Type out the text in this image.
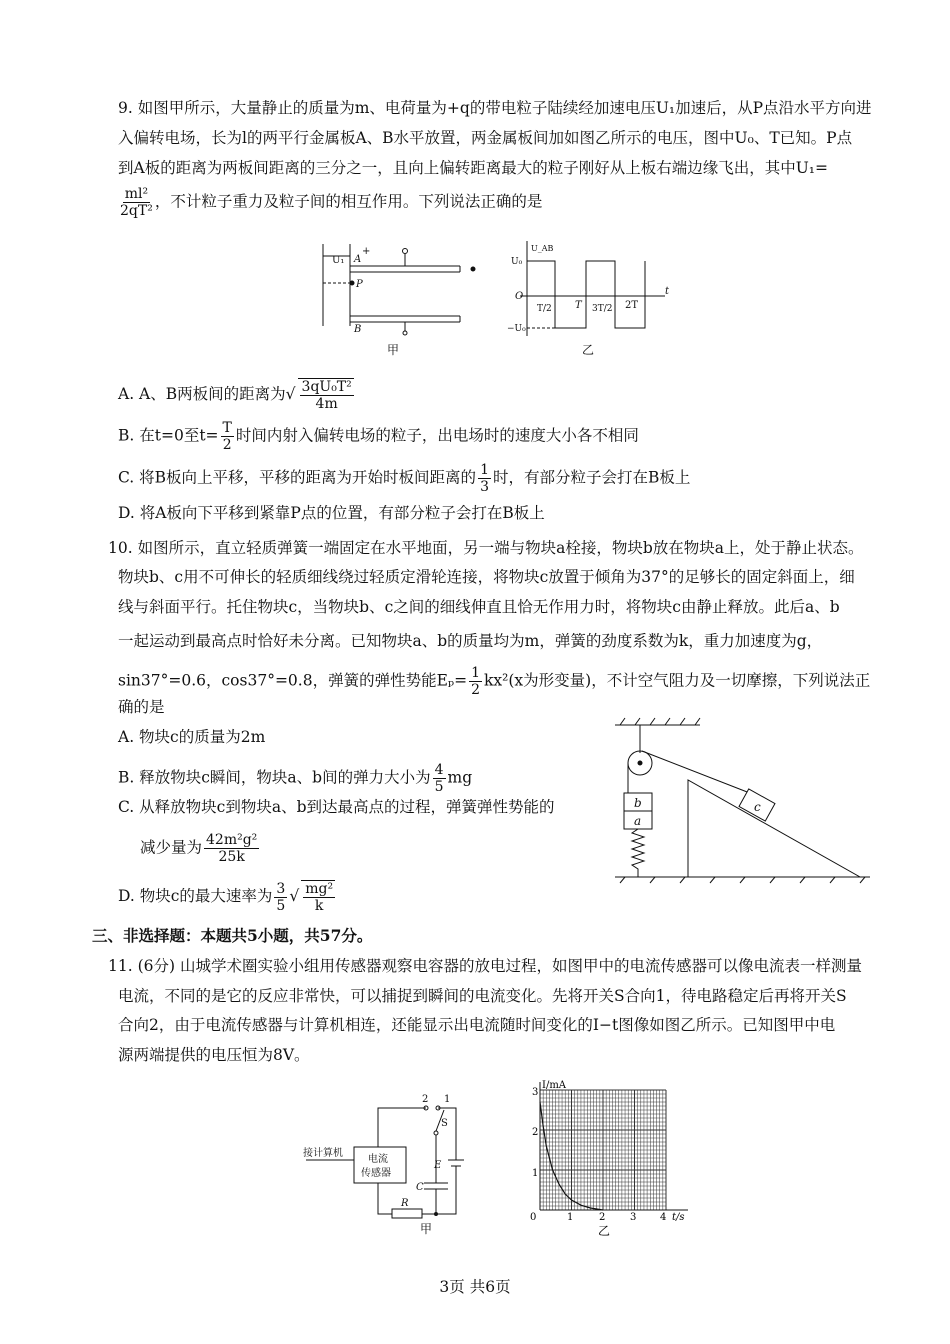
9. 如图甲所示，大量静止的质量为m、电荷量为+q的带电粒子陆续经加速电压U₁加速后，从P点沿水平方向进
入偏转电场，长为l的两平行金属板A、B水平放置，两金属板间加如图乙所示的电压，图中U₀、T已知。P点
到A板的距离为两板间距离的三分之一，且向上偏转距离最大的粒子刚好从上板右端边缘飞出，其中U₁=
$\frac{\text{ml²}}{\text{2qT²}}$ ，不计粒子重力及粒子间的相互作用。下列说法正确的是
U₁ A
+
P
B
甲
U_AB
U₀
O
−U₀
t
T/2 T 3T/2 2T
乙
A. A、B两板间的距离为√ $\frac{\text{3qU₀T²}}{4m}$
B. 在t=0至$t= \frac{T}{2}$ 时间内射入偏转电场的粒子，出电场时的速度大小各不相同
C. 将B板向上平移，平移的距离为开始时板间距离的 $\frac{1}{3}$ 时，有部分粒子会打在B板上
D. 将A板向下平移到紧靠P点的位置，有部分粒子会打在B板上
10. 如图所示，直立轻质弹簧一端固定在水平地面，另一端与物块a栓接，物块b放在物块a上，处于静止状态。
物块b、c用不可伸长的轻质细线绕过轻质定滑轮连接，将物块c放置于倾角为37°的足够长的固定斜面上，细
线与斜面平行。托住物块c，当物块b、c之间的细线伸直且恰无作用力时，将物块c由静止释放。此后a、b
一起运动到最高点时恰好未分离。已知物块a、b的质量均为m，弹簧的劲度系数为k，重力加速度为g，
sin37°=0.6，cos37°=0.8，弹簧的弹性势能$E_p= \frac{1}{2} kx^2(x$为形变量)，不计空气阻力及一切摩擦，下列说法正
确的是
A. 物块c的质量为2m
B. 释放物块c瞬间，物块a、b间的弹力大小为 $\frac{4}{5}$ mg
C. 从释放物块c到物块a、b到达最高点的过程，弹簧弹性势能的
减少量为 $\frac{\text{42m²g²}}{25k}$
D. 物块c的最大速率为 $\frac{3}{5}$ √ $\frac{\text{mg²}}{k}$
b
a
c
三、非选择题：本题共5小题，共57分。
11. (6分) 山城学术圈实验小组用传感器观察电容器的放电过程，如图甲中的电流传感器可以像电流表一样测量
电流，不同的是它的反应非常快，可以捕捉到瞬间的电流变化。先将开关S合向1，待电路稳定后再将开关S
合向2，由于电流传感器与计算机相连，还能显示出电流随时间变化的I−t图像如图乙所示。已知图甲中电
源两端提供的电压恒为8V。
接计算机
电流
传感器
2 1
S
E
C
R
甲
I/mA
t/s
0	1	2 3 4
1
2
3
乙
3页 共6页
